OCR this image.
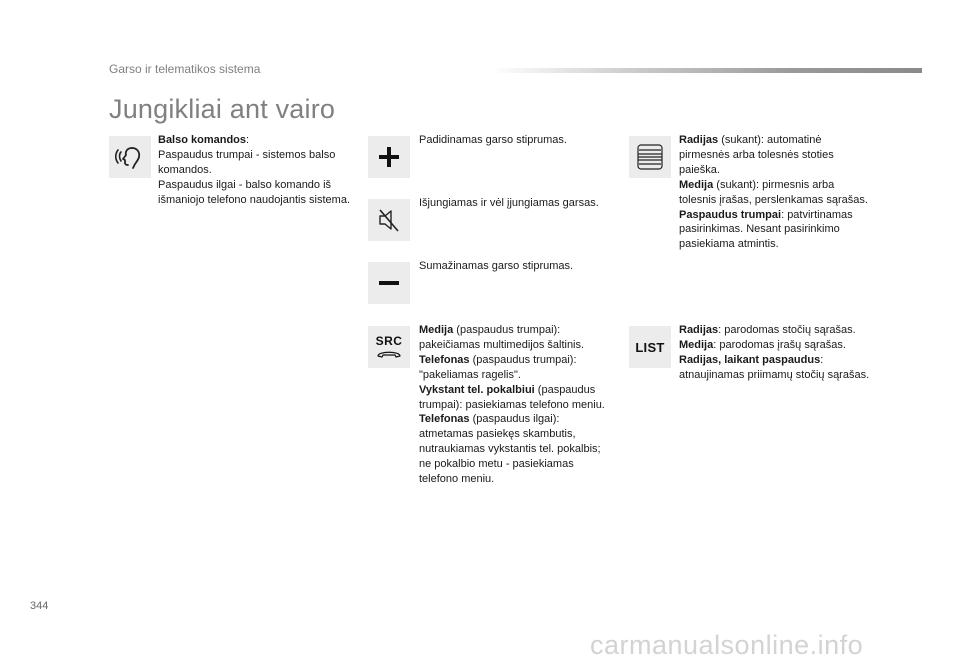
Garso ir telematikos sistema
Jungikliai ant vairo
Balso komandos:
Paspaudus trumpai - sistemos balso komandos.
Paspaudus ilgai - balso komando iš išmaniojo telefono naudojantis sistema.
Padidinamas garso stiprumas.
Išjungiamas ir vėl įjungiamas garsas.
Sumažinamas garso stiprumas.
SRC
Medija (paspaudus trumpai): pakeičiamas multimedijos šaltinis.
Telefonas (paspaudus trumpai): "pakeliamas ragelis".
Vykstant tel. pokalbiui (paspaudus trumpai): pasiekiamas telefono meniu.
Telefonas (paspaudus ilgai): atmetamas pasiekęs skambutis, nutraukiamas vykstantis tel. pokalbis; ne pokalbio metu - pasiekiamas telefono meniu.
Radijas (sukant): automatinė pirmesnės arba tolesnės stoties paieška.
Medija (sukant): pirmesnis arba tolesnis įrašas, perslenkamas sąrašas.
Paspaudus trumpai: patvirtinamas pasirinkimas. Nesant pasirinkimo pasiekiama atmintis.
LIST
Radijas: parodomas stočių sąrašas.
Medija: parodomas įrašų sąrašas.
Radijas, laikant paspaudus: atnaujinamas priimamų stočių sąrašas.
344
carmanualsonline.info
